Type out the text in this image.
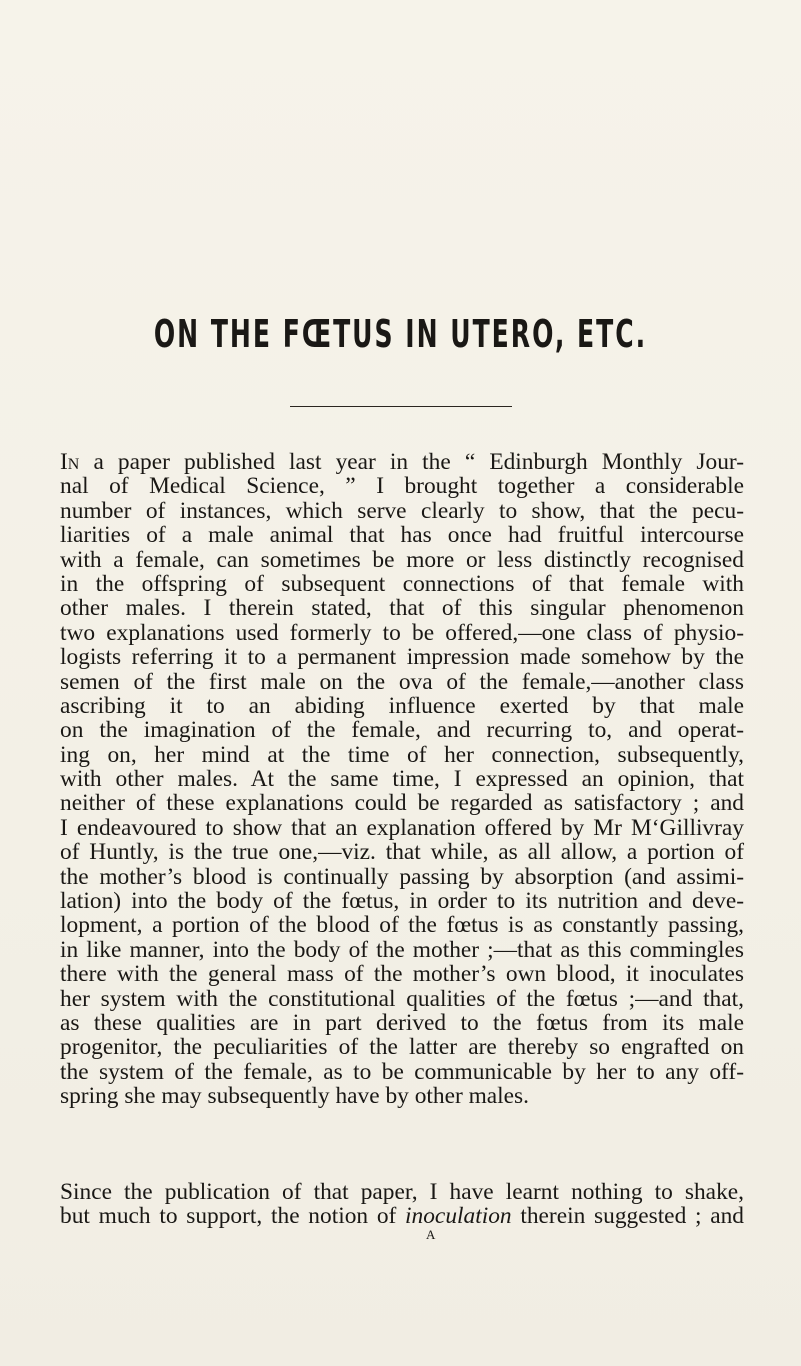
ON THE FŒTUS IN UTERO, ETC.
In a paper published last year in the “ Edinburgh Monthly Jour-
nal of Medical Science, ” I brought together a considerable
number of instances, which serve clearly to show, that the pecu-
liarities of a male animal that has once had fruitful intercourse
with a female, can sometimes be more or less distinctly recognised
in the offspring of subsequent connections of that female with
other males. I therein stated, that of this singular phenomenon
two explanations used formerly to be offered,—one class of physio-
logists referring it to a permanent impression made somehow by the
semen of the first male on the ova of the female,—another class
ascribing it to an abiding influence exerted by that male
on the imagination of the female, and recurring to, and operat-
ing on, her mind at the time of her connection, subsequently,
with other males. At the same time, I expressed an opinion, that
neither of these explanations could be regarded as satisfactory ; and
I endeavoured to show that an explanation offered by Mr M‘Gillivray
of Huntly, is the true one,—viz. that while, as all allow, a portion of
the mother’s blood is continually passing by absorption (and assimi-
lation) into the body of the fœtus, in order to its nutrition and deve-
lopment, a portion of the blood of the fœtus is as constantly passing,
in like manner, into the body of the mother ;—that as this commingles
there with the general mass of the mother’s own blood, it inoculates
her system with the constitutional qualities of the fœtus ;—and that,
as these qualities are in part derived to the fœtus from its male
progenitor, the peculiarities of the latter are thereby so engrafted on
the system of the female, as to be communicable by her to any off-
spring she may subsequently have by other males.
Since the publication of that paper, I have learnt nothing to shake,
but much to support, the notion of inoculation therein suggested ; and
A
